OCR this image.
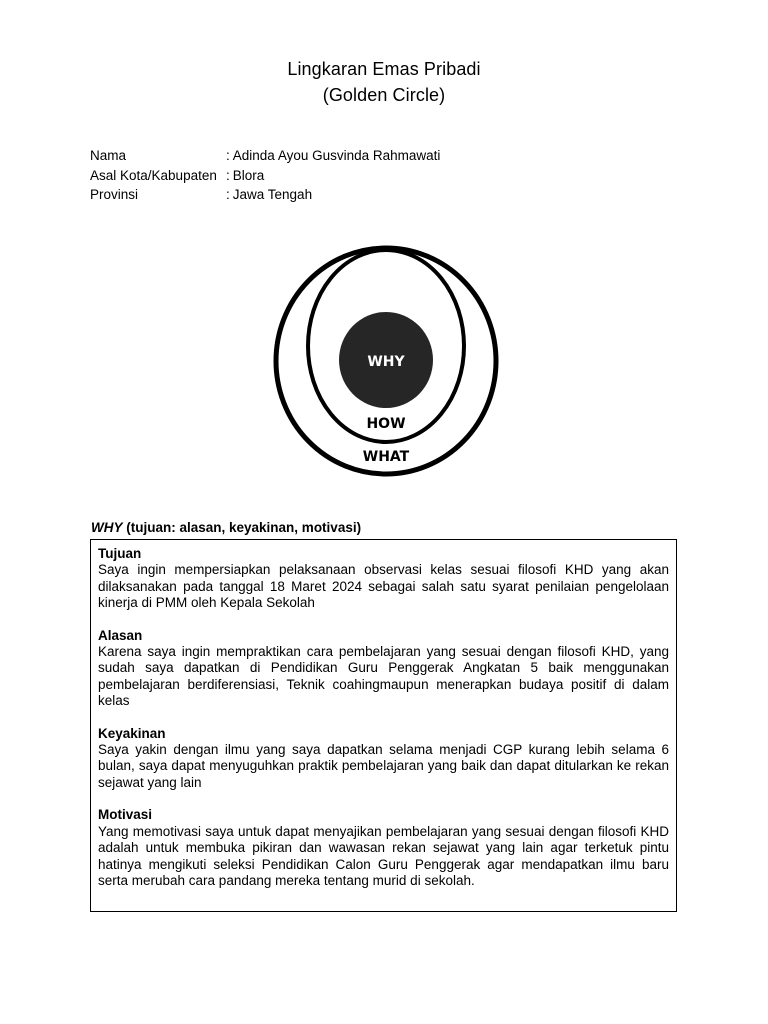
Lingkaran Emas Pribadi
(Golden Circle)
Nama	: Adinda Ayou Gusvinda Rahmawati
Asal Kota/Kabupaten : Blora
Provinsi	: Jawa Tengah
WHY
HOW
WHAT
WHY (tujuan: alasan, keyakinan, motivasi)
Tujuan
Saya ingin mempersiapkan pelaksanaan observasi kelas sesuai filosofi KHD yang akan dilaksanakan pada tanggal 18 Maret 2024 sebagai salah satu syarat penilaian pengelolaan kinerja di PMM oleh Kepala Sekolah
Alasan
Karena saya ingin mempraktikan cara pembelajaran yang sesuai dengan filosofi KHD, yang sudah saya dapatkan di Pendidikan Guru Penggerak Angkatan 5 baik menggunakan pembelajaran berdiferensiasi, Teknik coahingmaupun menerapkan budaya positif di dalam kelas
Keyakinan
Saya yakin dengan ilmu yang saya dapatkan selama menjadi CGP kurang lebih selama 6 bulan, saya dapat menyuguhkan praktik pembelajaran yang baik dan dapat ditularkan ke rekan sejawat yang lain
Motivasi
Yang memotivasi saya untuk dapat menyajikan pembelajaran yang sesuai dengan filosofi KHD adalah untuk membuka pikiran dan wawasan rekan sejawat yang lain agar terketuk pintu hatinya mengikuti seleksi Pendidikan Calon Guru Penggerak agar mendapatkan ilmu baru serta merubah cara pandang mereka tentang murid di sekolah.
